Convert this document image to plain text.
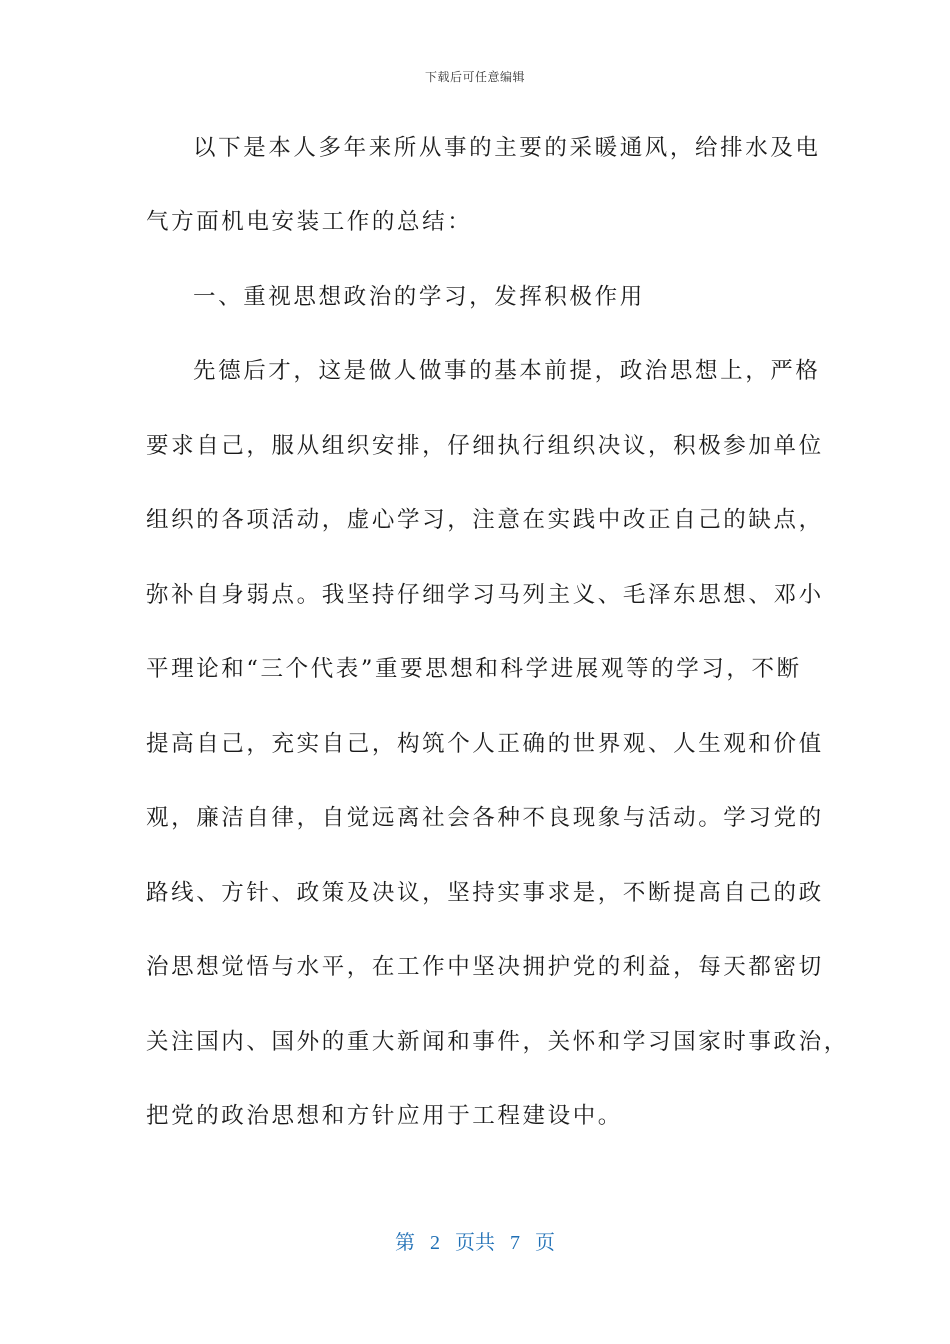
下载后可任意编辑
以下是本人多年来所从事的主要的采暖通风，给排水及电
气方面机电安装工作的总结：
一、重视思想政治的学习，发挥积极作用
先德后才，这是做人做事的基本前提，政治思想上，严格
要求自己，服从组织安排，仔细执行组织决议，积极参加单位
组织的各项活动，虚心学习，注意在实践中改正自己的缺点，
弥补自身弱点。我坚持仔细学习马列主义、毛泽东思想、邓小
平理论和“三个代表”重要思想和科学进展观等的学习，不断
提高自己，充实自己，构筑个人正确的世界观、人生观和价值
观，廉洁自律，自觉远离社会各种不良现象与活动。学习党的
路线、方针、政策及决议，坚持实事求是，不断提高自己的政
治思想觉悟与水平，在工作中坚决拥护党的利益，每天都密切
关注国内、国外的重大新闻和事件，关怀和学习国家时事政治，
把党的政治思想和方针应用于工程建设中。
第 2 页共 7 页
